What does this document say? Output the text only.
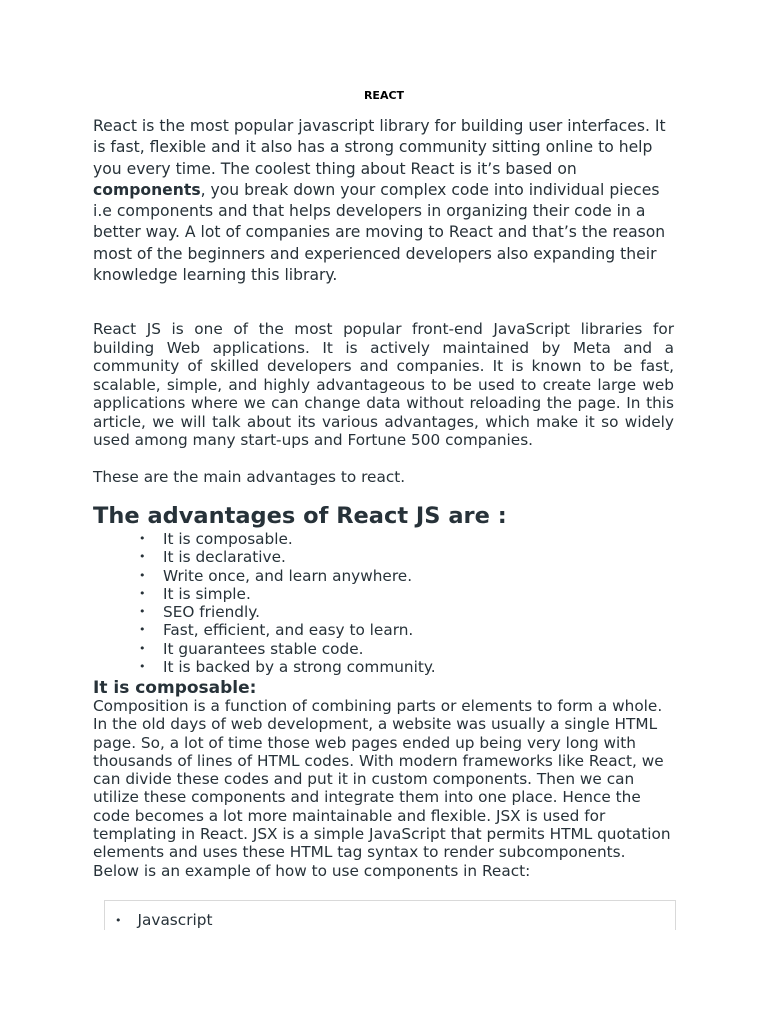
REACT

React is the most popular javascript library for building user interfaces. It is fast, flexible and it also has a strong community sitting online to help you every time. The coolest thing about React is it’s based on components, you break down your complex code into individual pieces i.e components and that helps developers in organizing their code in a better way. A lot of companies are moving to React and that’s the reason most of the beginners and experienced developers also expanding their knowledge learning this library.

React JS is one of the most popular front-end JavaScript libraries for building Web applications. It is actively maintained by Meta and a community of skilled developers and companies. It is known to be fast, scalable, simple, and highly advantageous to be used to create large web applications where we can change data without reloading the page. In this article, we will talk about its various advantages, which make it so widely used among many start-ups and Fortune 500 companies.

These are the main advantages to react.

The advantages of React JS are :
• It is composable.
• It is declarative.
• Write once, and learn anywhere.
• It is simple.
• SEO friendly.
• Fast, efficient, and easy to learn.
• It guarantees stable code.
• It is backed by a strong community.
It is composable:

Composition is a function of combining parts or elements to form a whole. In the old days of web development, a website was usually a single HTML page. So, a lot of time those web pages ended up being very long with thousands of lines of HTML codes. With modern frameworks like React, we can divide these codes and put it in custom components. Then we can utilize these components and integrate them into one place. Hence the code becomes a lot more maintainable and flexible. JSX is used for templating in React. JSX is a simple JavaScript that permits HTML quotation elements and uses these HTML tag syntax to render subcomponents.
Below is an example of how to use components in React:

• Javascript
